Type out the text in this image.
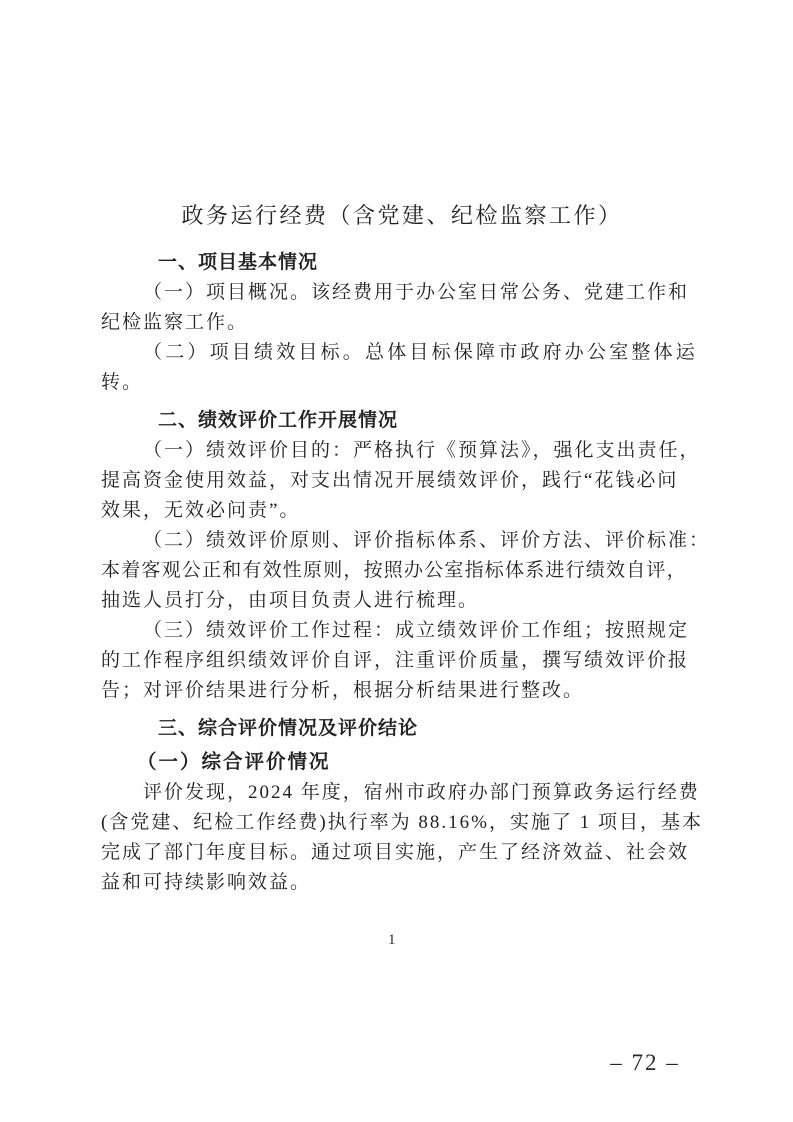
政务运行经费（含党建、纪检监察工作）
一、项目基本情况
（一）项目概况。该经费用于办公室日常公务、党建工作和
纪检监察工作。
（二）项目绩效目标。总体目标保障市政府办公室整体运
转。
二、绩效评价工作开展情况
（一）绩效评价目的：严格执行《预算法》，强化支出责任，
提高资金使用效益，对支出情况开展绩效评价，践行“花钱必问
效果，无效必问责”。
（二）绩效评价原则、评价指标体系、评价方法、评价标准：
本着客观公正和有效性原则，按照办公室指标体系进行绩效自评，
抽选人员打分，由项目负责人进行梳理。
（三）绩效评价工作过程：成立绩效评价工作组；按照规定
的工作程序组织绩效评价自评，注重评价质量，撰写绩效评价报
告；对评价结果进行分析，根据分析结果进行整改。
三、综合评价情况及评价结论
（一）综合评价情况
评价发现，2024 年度，宿州市政府办部门预算政务运行经费
(含党建、纪检工作经费)执行率为 88.16%，实施了 1 项目，基本
完成了部门年度目标。通过项目实施，产生了经济效益、社会效
益和可持续影响效益。
1
– 72 –
